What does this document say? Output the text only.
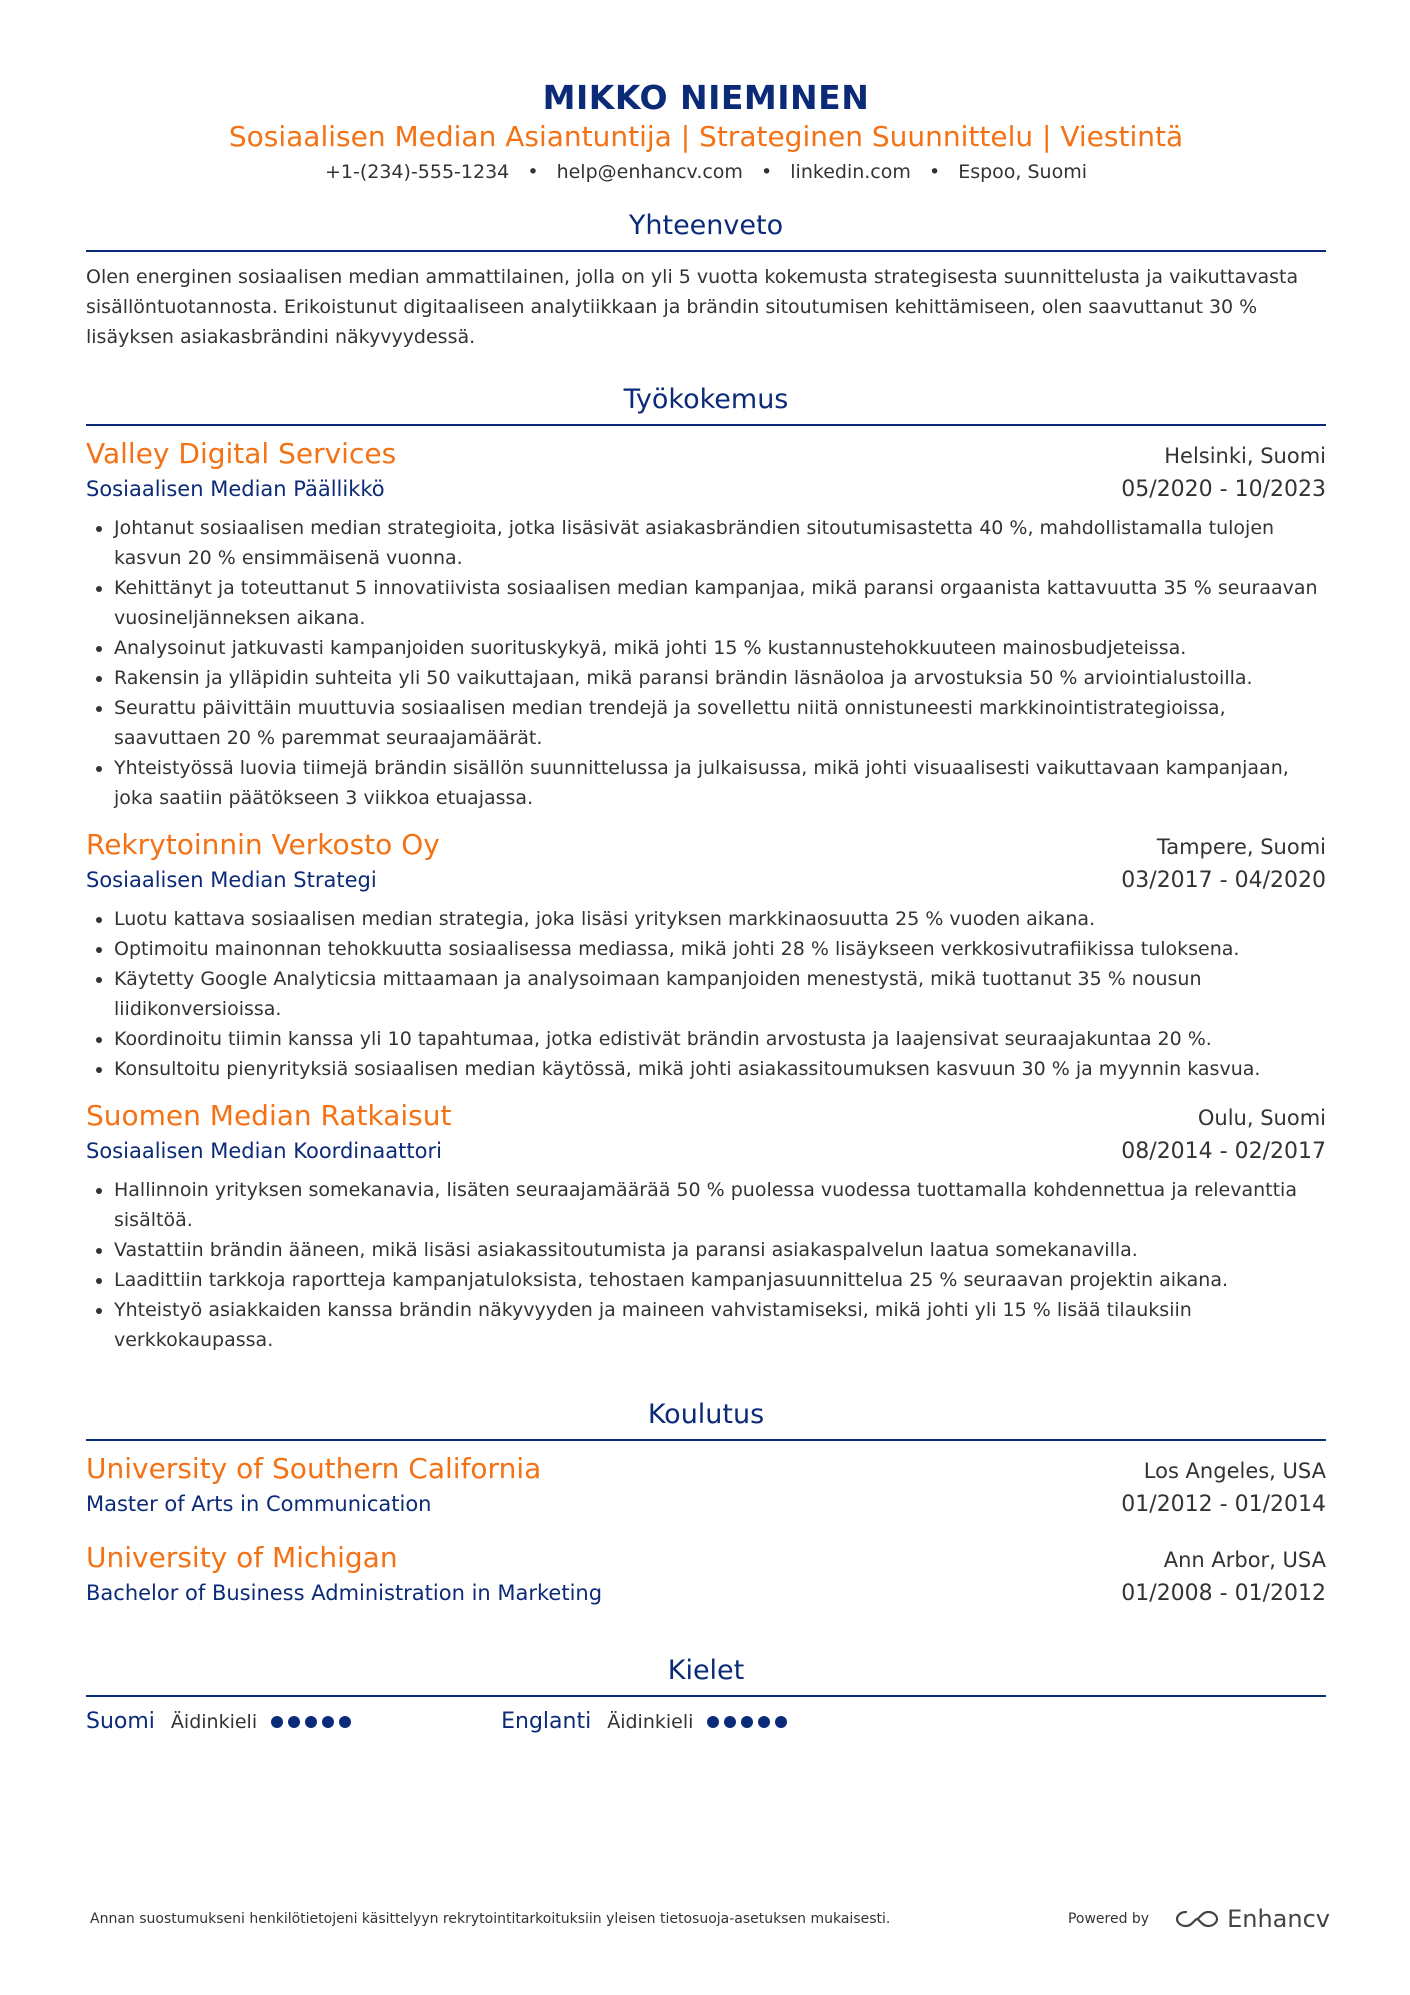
MIKKO NIEMINEN
Sosiaalisen Median Asiantuntija | Strateginen Suunnittelu | Viestintä
+1-(234)-555-1234 • help@enhancv.com • linkedin.com • Espoo, Suomi
Yhteenveto
Olen energinen sosiaalisen median ammattilainen, jolla on yli 5 vuotta kokemusta strategisesta suunnittelusta ja vaikuttavasta sisällöntuotannosta. Erikoistunut digitaaliseen analytiikkaan ja brändin sitoutumisen kehittämiseen, olen saavuttanut 30 % lisäyksen asiakasbrändini näkyvyydessä.
Työkokemus
Valley Digital Services	Helsinki, Suomi
Sosiaalisen Median Päällikkö	05/2020 - 10/2023
Johtanut sosiaalisen median strategioita, jotka lisäsivät asiakasbrändien sitoutumisastetta 40 %, mahdollistamalla tulojen kasvun 20 % ensimmäisenä vuonna.
Kehittänyt ja toteuttanut 5 innovatiivista sosiaalisen median kampanjaa, mikä paransi orgaanista kattavuutta 35 % seuraavan vuosineljänneksen aikana.
Analysoinut jatkuvasti kampanjoiden suorituskykyä, mikä johti 15 % kustannustehokkuuteen mainosbudjeteissa.
Rakensin ja ylläpidin suhteita yli 50 vaikuttajaan, mikä paransi brändin läsnäoloa ja arvostuksia 50 % arviointialustoilla.
Seurattu päivittäin muuttuvia sosiaalisen median trendejä ja sovellettu niitä onnistuneesti markkinointistrategioissa, saavuttaen 20 % paremmat seuraajamäärät.
Yhteistyössä luovia tiimejä brändin sisällön suunnittelussa ja julkaisussa, mikä johti visuaalisesti vaikuttavaan kampanjaan, joka saatiin päätökseen 3 viikkoa etuajassa.
Rekrytoinnin Verkosto Oy	Tampere, Suomi
Sosiaalisen Median Strategi	03/2017 - 04/2020
Luotu kattava sosiaalisen median strategia, joka lisäsi yrityksen markkinaosuutta 25 % vuoden aikana.
Optimoitu mainonnan tehokkuutta sosiaalisessa mediassa, mikä johti 28 % lisäykseen verkkosivutrafiikissa tuloksena.
Käytetty Google Analyticsia mittaamaan ja analysoimaan kampanjoiden menestystä, mikä tuottanut 35 % nousun liidikonversioissa.
Koordinoitu tiimin kanssa yli 10 tapahtumaa, jotka edistivät brändin arvostusta ja laajensivat seuraajakuntaa 20 %.
Konsultoitu pienyrityksiä sosiaalisen median käytössä, mikä johti asiakassitoumuksen kasvuun 30 % ja myynnin kasvua.
Suomen Median Ratkaisut	Oulu, Suomi
Sosiaalisen Median Koordinaattori	08/2014 - 02/2017
Hallinnoin yrityksen somekanavia, lisäten seuraajamäärää 50 % puolessa vuodessa tuottamalla kohdennettua ja relevanttia sisältöä.
Vastattiin brändin ääneen, mikä lisäsi asiakassitoutumista ja paransi asiakaspalvelun laatua somekanavilla.
Laadittiin tarkkoja raportteja kampanjatuloksista, tehostaen kampanjasuunnittelua 25 % seuraavan projektin aikana.
Yhteistyö asiakkaiden kanssa brändin näkyvyyden ja maineen vahvistamiseksi, mikä johti yli 15 % lisää tilauksiin verkkokaupassa.
Koulutus
University of Southern California	Los Angeles, USA
Master of Arts in Communication	01/2012 - 01/2014
University of Michigan	Ann Arbor, USA
Bachelor of Business Administration in Marketing	01/2008 - 01/2012
Kielet
Suomi Äidinkieli	Englanti Äidinkieli
Annan suostumukseni henkilötietojeni käsittelyyn rekrytointitarkoituksiin yleisen tietosuoja-asetuksen mukaisesti.	Powered by	Enhancv
